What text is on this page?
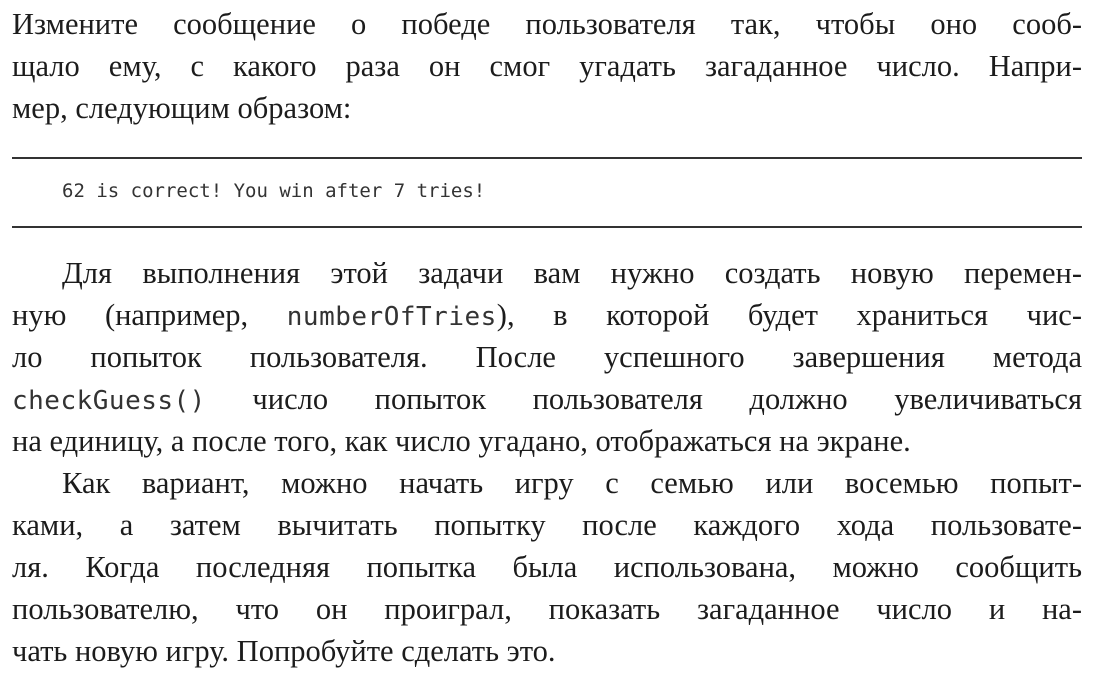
Измените сообщение о победе пользователя так, чтобы оно сооб-
щало ему, с какого раза он смог угадать загаданное число. Напри-
мер, следующим образом:
62 is correct! You win after 7 tries!
Для выполнения этой задачи вам нужно создать новую перемен-
ную (например, numberOfTries), в которой будет храниться чис-
ло попыток пользователя. После успешного завершения метода
checkGuess() число попыток пользователя должно увеличиваться
на единицу, а после того, как число угадано, отображаться на экране.
Как вариант, можно начать игру с семью или восемью попыт-
ками, а затем вычитать попытку после каждого хода пользовате-
ля. Когда последняя попытка была использована, можно сообщить
пользователю, что он проиграл, показать загаданное число и на-
чать новую игру. Попробуйте сделать это.
